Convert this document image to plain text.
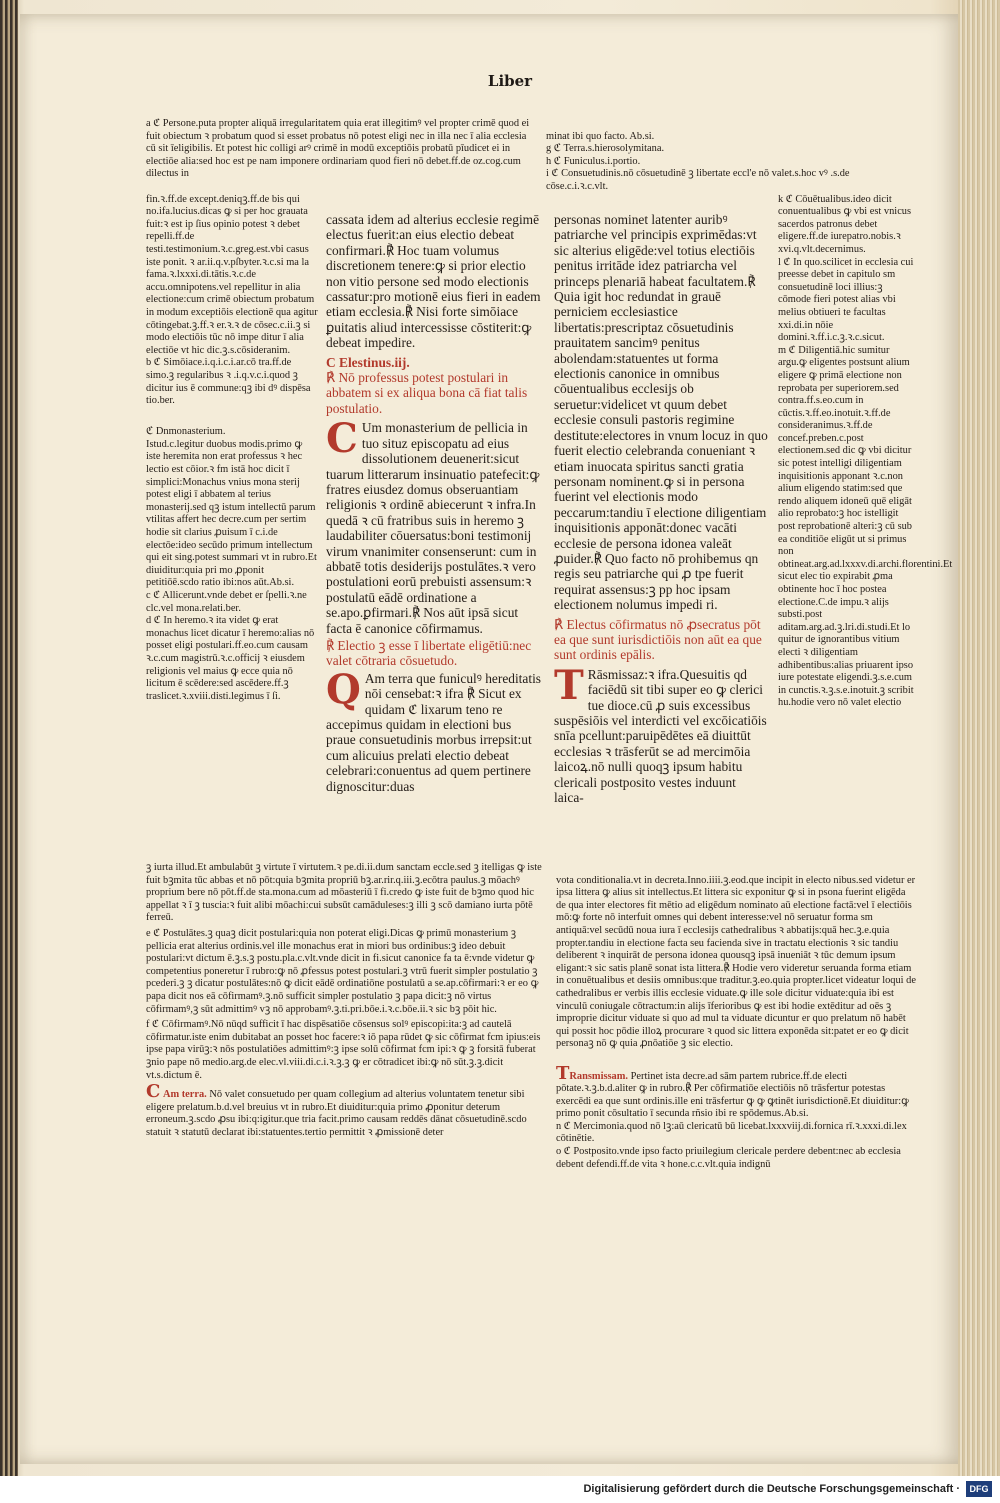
Liber

a ℭ Persone.puta propter aliquā irregularitatem quia erat illegitimꝰ vel propter crimē quod ei fuit obiectum ꝛ probatum quod si esset probatus nō potest eligi nec in illa nec ī alia ecclesia cū sit īeligibilis. Et potest hic colligi arꝰ crimē in modū exceptiōis probatū pīudicet ei in electiōe alia:sed hoc est pe nam imponere ordinariam quod fieri nō debet.ff.de oz.cog.cum dilectus in

minat ibi quo facto. Ab.si.
g ℭ Terra.s.hierosolymitana.
h ℭ Funiculus.i.portio.
i ℭ Consuetudinis.nō cōsuetudinē ꝫ libertate eccl'e nō valet.s.hoc vꝰ .s.de cōse.c.i.ꝛ.c.vlt.

fin.ꝛ.ff.de except.deniqꝫ.ff.de bis qui no.ifa.lucius.dicas ꝙ si per hoc grauata fuit:ꝛ est ip ſius opinio potest ꝛ debet repelli.ff.de testi.testimonium.ꝛ.c.greg.est.vbi casus iste ponit. ꝛ ar.ii.q.v.pſbyter.ꝛ.c.si ma la fama.ꝛ.lxxxi.di.tātis.ꝛ.c.de accu.omnipotens.vel repellitur in alia electione:cum crimē obiectum probatum in modum exceptiōis electionē qua agitur cōtingebat.ꝫ.ff.ꝛ er.ꝛ.ꝛ de cōsec.c.ii.ꝫ si modo electiōis tūc nō impe ditur ī alia electiōe vt hic dic.ꝫ.s.cōsideranim.
b ℭ Simōiace.i.q.i.c.i.ar.cō tra.ff.de simo.ꝫ regularibus ꝛ .i.q.v.c.i.quod ꝫ dicitur ius ē commune:qꝫ ibi dꝰ dispēsa tio.ber.

ℭ Dnmonasterium.
Istud.c.legitur duobus modis.primo ꝙ iste heremita non erat professus ꝛ hec lectio est cōior.ꝛ fm istā hoc dicit ī simplici:Monachus vnius mona sterij potest eligi ī abbatem al terius monasterij.sed qꝫ istum intellectū parum vtilitas affert hec decre.cum per sertim hodie sit clarius ꝓuisum ī c.i.de electōe:ideo secūdo primum intellectum qui eit sing.potest summari vt in rubro.Et diuiditur:quia pri mo ꝓponit petitiōē.scdo ratio ibi:nos aūt.Ab.si.
c ℭ Allicerunt.vnde debet er ſpelli.ꝛ.ne clc.vel mona.relati.ber.
d ℭ In heremo.ꝛ ita videt ꝙ erat monachus licet dicatur ī heremo:alias nō posset eligi postulari.ff.eo.cum causam ꝛ.c.cum magistrū.ꝛ.c.officij ꝛ eiusdem religionis vel maius ꝙ ecce quia nō licitum ē scēdere:sed ascēdere.ff.ꝫ traslicet.ꝛ.xviii.disti.legimus ī ſi.

cassata idem ad alterius ecclesie regimē electus fuerit:an eius electio debeat confirmari.℟ Hoc tuam volumus discretionem tenere:ꝙ si prior electio non vitio persone sed modo electionis cassatur:pro motionē eius fieri in eadem etiam ecclesia.℟ Nisi forte simōiace ꝑuitatis aliud intercessisse cōstiterit:ꝙ debeat impedire.

C Elestinus.iij.

℟ Nō professus potest postulari in abbatem si ex aliqua bona cā fiat talis postulatio.

C Um monasterium de pellicia in tuo situz episcopatu ad eius dissolutionem deuenerit:sicut tuarum litterarum insinuatio patefecit:ꝙ fratres eiusdez domus obseruantiam religionis ꝛ ordinē abiecerunt ꝛ infra.In quedā ꝛ cū fratribus suis in heremo ꝫ laudabiliter cōuersatus:boni testimonij virum vnanimiter consenserunt: cum in abbatē totis desiderijs postulātes.ꝛ vero postulationi eorū prebuisti assensum:ꝛ postulatū eādē ordinatione a se.apo.ꝑfirmari.℟ Nos aūt ipsā sicut facta ē canonice cōfirmamus.

℟ Electio ꝫ esse ī libertate eligētiū:nec valet cōtraria cōsuetudo.

Q Am terra que funiculꝰ hereditatis nōi censebat:ꝛ ifra ℟ Sicut ex quidam ℭ lixarum teno re accepimus quidam in electioni bus praue consuetudinis morbus irrepsit:ut cum alicuius prelati electio debeat celebrari:conuentus ad quem pertinere dignoscitur:duas

personas nominet latenter auribꝰ patriarche vel principis exprimēdas:vt sic alterius eligēde:vel totius electiōis penitus irritāde idez patriarcha vel princeps plenariā habeat facultatem.℟ Quia igit hoc redundat in grauē perniciem ecclesiastice libertatis:prescriptaz cōsuetudinis prauitatem sancimꝰ penitus abolendam:statuentes ut forma electionis canonice in omnibus cōuentualibus ecclesijs ob seruetur:videlicet vt quum debet ecclesie consuli pastoris regimine destitute:electores in vnum locuz in quo fuerit electio celebranda conueniant ꝛ etiam inuocata spiritus sancti gratia personam nominent.ꝙ si in persona fuerint vel electionis modo peccarum:tandiu ī electione diligentiam inquisitionis apponāt:donec vacāti ecclesie de persona idonea valeāt ꝓuider.℟ Quo facto nō prohibemus qn regis seu patriarche qui ꝓ tpe fuerit requirat assensus:ꝫ pp hoc ipsam electionem nolumus impedi ri.

℟ Electus cōfirmatus nō ꝓsecratus pōt ea que sunt iurisdictiōis non aūt ea que sunt ordinis epālis.

T Rāsmissaz:ꝛ ifra.Quesuitis qd faciēdū sit tibi super eo ꝙ clerici tue dioce.cū ꝓ suis excessibus suspēsiōis vel interdicti vel excōicatiōis snīa pcellunt:paruipēdētes eā diuittūt ecclesias ꝛ trāsferūt se ad mercimōia laicoꝝ.nō nulli quoqꝫ ipsum habitu clericali postposito vestes induunt laica-

k ℭ Cōuētualibus.ideo dicit conuentualibus ꝙ vbi est vnicus sacerdos patronus debet eligere.ff.de iurepatro.nobis.ꝛ xvi.q.vlt.decernimus.
l ℭ In quo.scilicet in ecclesia cui preesse debet in capitulo sm consuetudinē loci illius:ꝫ cōmode fieri potest alias vbi melius obtiueri te facultas xxi.di.in nōie domini.ꝛ.ff.i.c.ꝫ.ꝛ.c.sicut.
m ℭ Diligentiā.hic sumitur argu.ꝙ eligentes postsunt alium eligere ꝙ primā electione non reprobata per superiorem.sed contra.ff.s.eo.cum in cūctis.ꝛ.ff.eo.inotuit.ꝛ.ff.de consideranimus.ꝛ.ff.de concef.preben.c.post electionem.sed dic ꝙ vbi dicitur sic potest intelligi diligentiam inquisitionis apponant ꝛ.c.non alium eligendo statim:sed que rendo aliquem idoneū quē eligāt alio reprobato:ꝫ hoc istelligit post reprobationē alteri:ꝫ cū sub ea conditiōe eligūt ut si primus non obtineat.arg.ad.lxxxv.di.archi.florentini.Et sicut elec tio expirabit ꝓma obtinente hoc ī hoc postea electione.C.de impu.ꝛ alijs substi.post aditam.arg.ad.ꝫ.lri.di.studi.Et lo quitur de ignorantibus vitium electi ꝛ diligentiam adhibentibus:alias priuarent ipso iure potestate eligendi.ꝫ.s.e.cum in cunctis.ꝛ.ꝫ.s.e.inotuit.ꝫ scribit hu.hodie vero nō valet electio

ꝫ iurta illud.Et ambulabūt ꝫ virtute ī virtutem.ꝛ pe.di.ii.dum sanctam eccle.sed ꝫ itelligas ꝙ iste fuit bꝫmita tūc abbas et nō pōt:quia bꝫmita propriū bꝫ.ar.rir.q.iii.ꝫ.ecōtra paulus.ꝫ mōachꝰ proprium bere nō pōt.ff.de sta.mona.cum ad mōasteriū ī fi.credo ꝙ iste fuit de bꝫmo quod hic appellat ꝛ ī ꝫ tuscia:ꝛ fuit alibi mōachi:cui subsūt camāduleses:ꝫ illi ꝫ scō damiano iurta pōtē ferreū.

e ℭ Postulātes.ꝫ quaꝫ dicit postulari:quia non poterat eligi.Dicas ꝙ primū monasterium ꝫ pellicia erat alterius ordinis.vel ille monachus erat in miori bus ordinibus:ꝫ ideo debuit postulari:vt dictum ē.ꝫ.s.ꝫ postu.pla.c.vlt.vnde dicit in fi.sicut canonice fa ta ē:vnde videtur ꝙ competentius poneretur ī rubro:ꝙ nō ꝓfessus potest postulari.ꝫ vtrū fuerit simpler postulatio ꝫ pcederi.ꝫ ꝫ dicatur postulātes:nō ꝙ dicit eādē ordinatiōne postulatū a se.ap.cōfirmari:ꝛ er eo ꝙ papa dicit nos eā cōfirmamꝰ.ꝫ.nō sufficit simpler postulatio ꝫ papa dicit:ꝫ nō virtus cōfirmamꝰ,ꝫ sūt admittimꝰ vꝫ nō approbamꝰ.ꝫ.ti.pri.bōe.i.ꝛ.c.bōe.ii.ꝛ sic bꝫ pōit hic.

f ℭ Cōfirmamꝰ.Nō nūqd sufficit ī hac dispēsatiōe cōsensus solꝰ episcopi:ita:ꝫ ad cautelā cōfirmatur.iste enim dubitabat an posset hoc facere:ꝛ iō papa rūdet ꝙ sic cōfirmat fcm ipius:eis ipse papa virūꝫ:ꝛ nōs postulatiōes admittimꝰ:ꝫ ipse solū cōfirmat fcm ipi:ꝛ ꝙ ꝫ forsitā fuberat ꝫnio pape nō medio.arg.de elec.vl.viii.di.c.i.ꝛ.ꝫ.ꝫ ꝙ er cōtradicet ibi:ꝙ nō sūt.ꝫ.ꝫ.dicit vt.s.dictum ē.

C Am terra. Nō valet consuetudo per quam collegium ad alterius voluntatem tenetur sibi eligere prelatum.b.d.vel breuius vt in rubro.Et diuiditur:quia primo ꝓponitur deterum erroneum.ꝫ.scdo ꝓsu ibi:q:igitur.que tria facit.primo causam reddēs dānat cōsuetudinē.scdo statuit ꝛ statutū declarat ibi:statuentes.tertio permittit ꝛ ꝓmissionē deter

vota conditionalia.vt in decreta.Inno.iiii.ꝫ.eod.que incipit in electo nibus.sed videtur er ipsa littera ꝙ alius sit intellectus.Et littera sic exponitur ꝙ si in psona fuerint eligēda de qua inter electores fit mētio ad eligēdum nominato aū electione factā:vel ī electiōis mō:ꝙ forte nō interfuit omnes qui debent interesse:vel nō seruatur forma sm antiquā:vel secūdū noua iura ī ecclesijs cathedralibus ꝛ abbatijs:quā hec.ꝫ.e.quia propter.tandiu in electione facta seu facienda sive in tractatu electionis ꝛ sic tandiu deliberent ꝛ inquirāt de persona idonea quousqꝫ ipsā inueniāt ꝛ tūc demum ipsum eligant:ꝛ sic satis planē sonat ista littera.℟ Hodie vero videretur seruanda forma etiam in conuētualibus et desiis omnibus:que traditur.ꝫ.eo.quia propter.licet videatur loqui de cathedralibus er verbis illis ecclesie viduate.ꝙ ille sole dicitur viduate:quia ibi est vinculū coniugale cōtractum:in alijs īferioribus ꝙ est ibi hodie extēditur ad oēs ꝫ improprie dicitur viduate si quo ad mul ta viduate dicuntur er quo prelatum nō habēt qui possit hoc pōdie illoꝝ procurare ꝛ quod sic littera exponēda sit:patet er eo ꝙ dicit personaꝫ nō ꝙ quia ꝓnōatiōe ꝫ sic electio.

TRansmissam. Pertinet ista decre.ad sām partem rubrice.ff.de electi pōtate.ꝛ.ꝫ.b.d.aliter ꝙ in rubro.℟ Per cōfirmatiōe electiōis nō trāsfertur potestas exercēdi ea que sunt ordinis.ille eni trāsfertur ꝙ ꝙ ꝙtinēt iurisdictionē.Et diuiditur:ꝙ primo ponit cōsultatio ī secunda rñsio ibi re spōdemus.Ab.si.
n ℭ Mercimonia.quod nō lꝫ:aū clericatū bū licebat.lxxxviij.di.fornica rī.ꝛ.xxxi.di.lex cōtinētie.
o ℭ Postposito.vnde ipso facto priuilegium clericale perdere debent:nec ab ecclesia debent defendi.ff.de vita ꝛ hone.c.c.vlt.quia indignū

Digitalisierung gefördert durch die Deutsche Forschungsgemeinschaft ·	DFG
